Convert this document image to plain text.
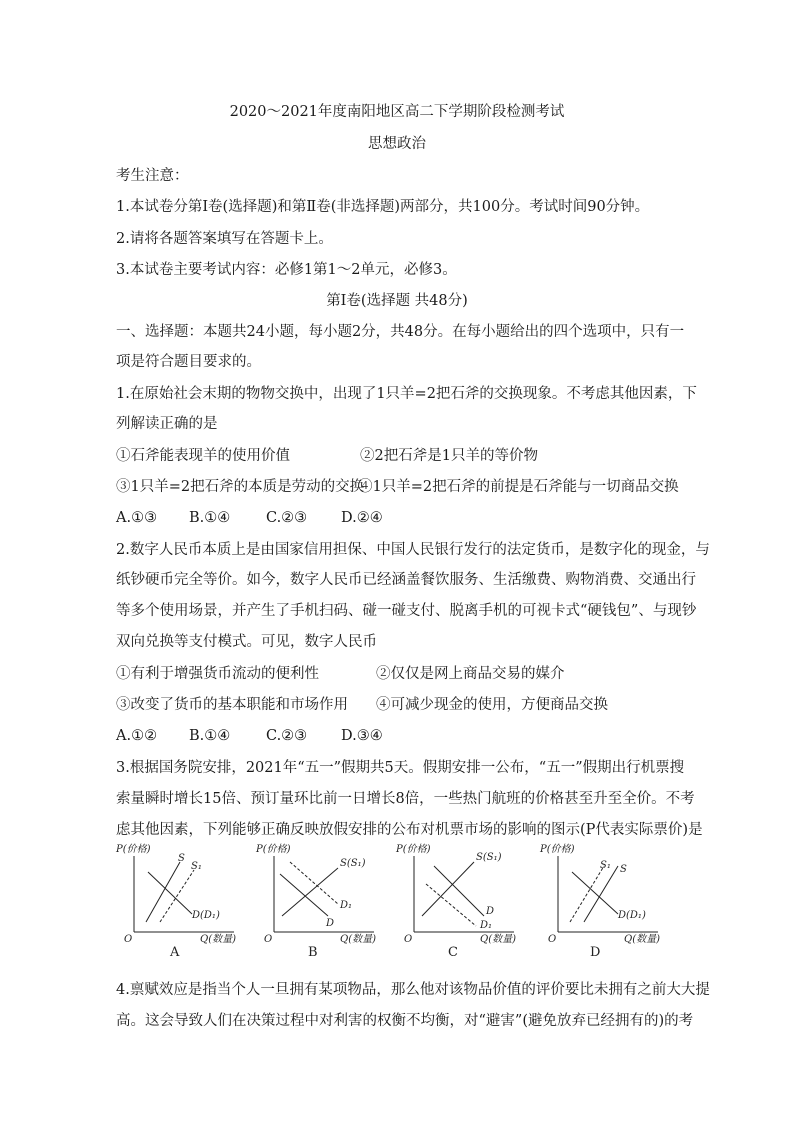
2020～2021年度南阳地区高二下学期阶段检测考试
思想政治
考生注意：
1.本试卷分第Ⅰ卷(选择题)和第Ⅱ卷(非选择题)两部分，共100分。考试时间90分钟。
2.请将各题答案填写在答题卡上。
3.本试卷主要考试内容：必修1第1～2单元，必修3。
第Ⅰ卷(选择题 共48分)
一、选择题：本题共24小题，每小题2分，共48分。在每小题给出的四个选项中，只有一
项是符合题目要求的。
1.在原始社会末期的物物交换中，出现了1只羊=2把石斧的交换现象。不考虑其他因素，下
列解读正确的是
①石斧能表现羊的使用价值	②2把石斧是1只羊的等价物
③1只羊=2把石斧的本质是劳动的交换
④1只羊=2把石斧的前提是石斧能与一切商品交换
A.①③ B.①④ C.②③ D.②④
2.数字人民币本质上是由国家信用担保、中国人民银行发行的法定货币，是数字化的现金，与
纸钞硬币完全等价。如今，数字人民币已经涵盖餐饮服务、生活缴费、购物消费、交通出行
等多个使用场景，并产生了手机扫码、碰一碰支付、脱离手机的可视卡式“硬钱包”、与现钞
双向兑换等支付模式。可见，数字人民币
①有利于增强货币流动的便利性	②仅仅是网上商品交易的媒介
③改变了货币的基本职能和市场作用 ④可减少现金的使用，方便商品交换
A.①② B.①④ C.②③ D.③④
3.根据国务院安排，2021年“五一”假期共5天。假期安排一公布，“五一”假期出行机票搜
索量瞬时增长15倍、预订量环比前一日增长8倍，一些热门航班的价格甚至升至全价。不考
虑其他因素，下列能够正确反映放假安排的公布对机票市场的影响的图示(P代表实际票价)是
P(价格)
O	Q(数量)
S
S₁
D(D₁)
A
P(价格)
O	Q(数量)
S(S₁)
D
D₁
B
P(价格)
O	Q(数量)
S(S₁)
D
D₁
C
P(价格)
O	Q(数量)
S₁ S
D(D₁)
D
4.禀赋效应是指当个人一旦拥有某项物品，那么他对该物品价值的评价要比未拥有之前大大提
高。这会导致人们在决策过程中对利害的权衡不均衡，对“避害”(避免放弃已经拥有的)的考
